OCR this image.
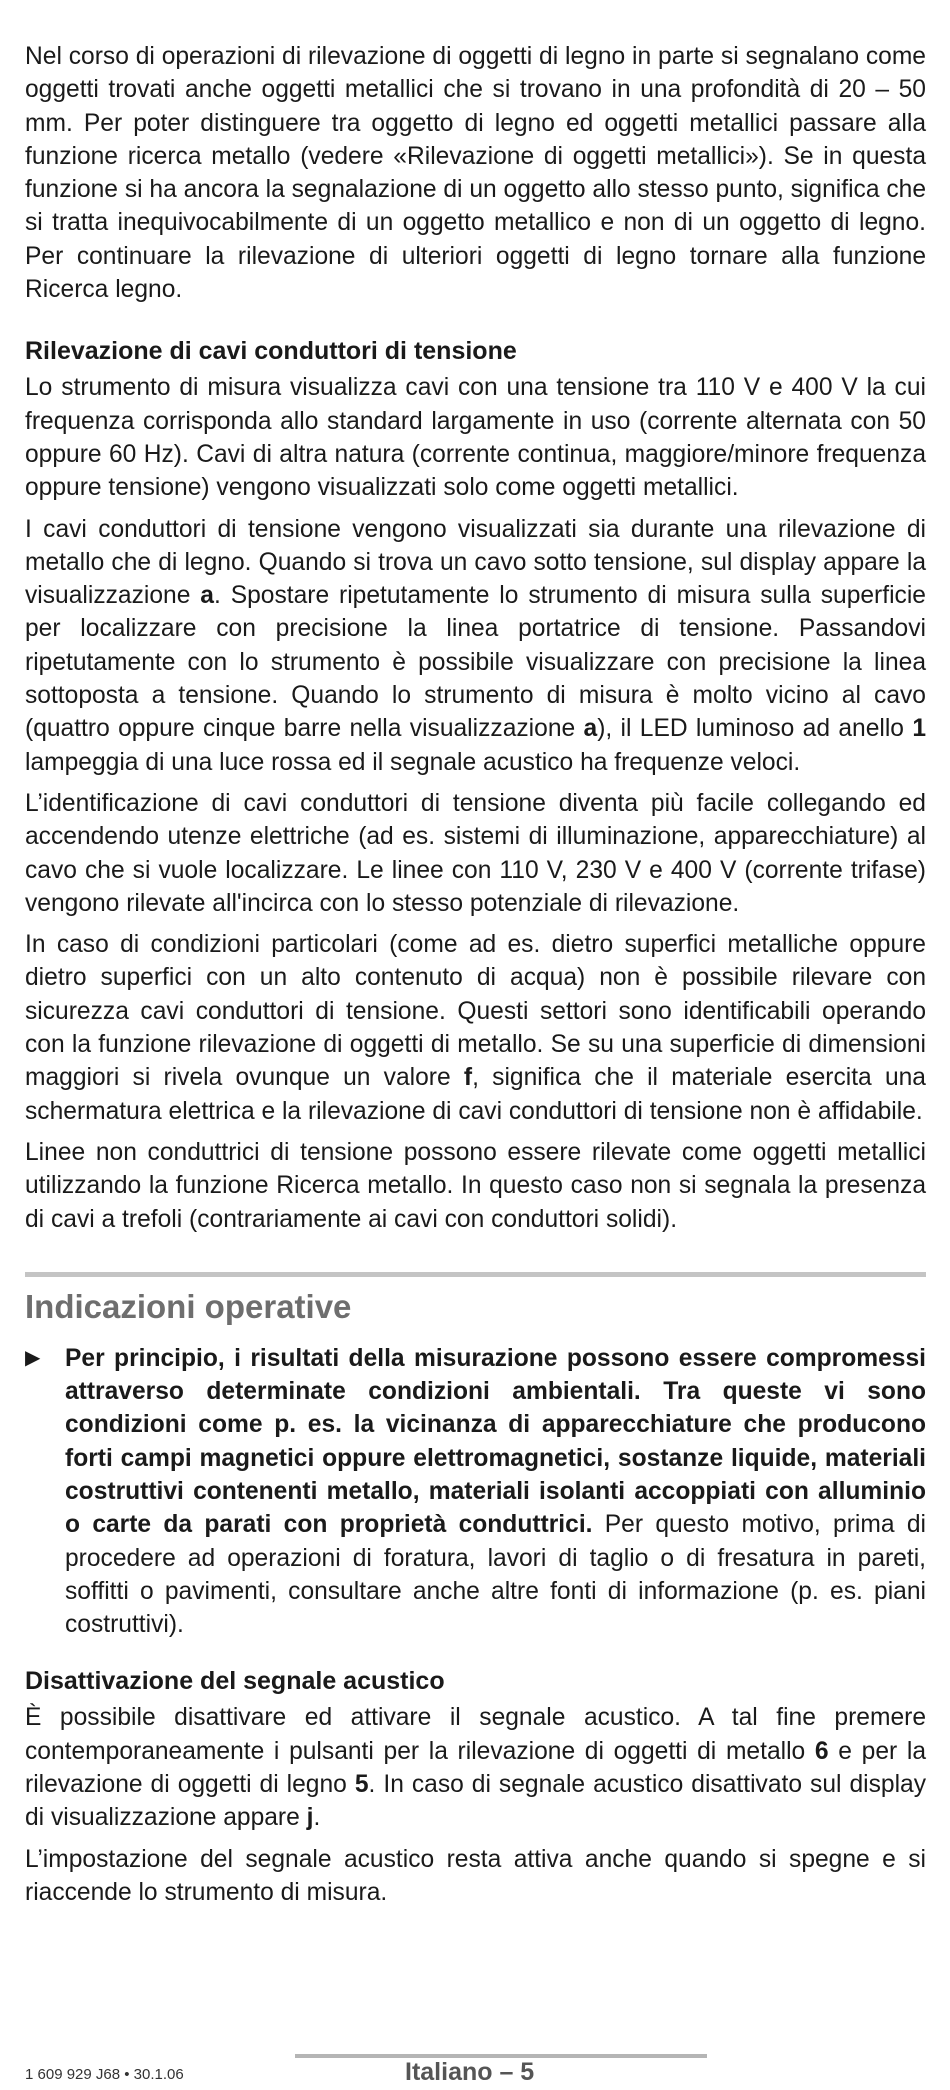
Nel corso di operazioni di rilevazione di oggetti di legno in parte si segnalano come oggetti trovati anche oggetti metallici che si trovano in una profondità di 20 – 50 mm. Per poter distinguere tra oggetto di legno ed oggetti metallici passare alla funzione ricerca metallo (vedere «Rilevazione di oggetti metallici»). Se in questa funzione si ha ancora la segnalazione di un oggetto allo stesso punto, significa che si tratta inequivocabilmente di un oggetto metallico e non di un oggetto di legno. Per continuare la rilevazione di ulteriori oggetti di legno tornare alla funzione Ricerca legno.

Rilevazione di cavi conduttori di tensione

Lo strumento di misura visualizza cavi con una tensione tra 110 V e 400 V la cui frequenza corrisponda allo standard largamente in uso (corrente alternata con 50 oppure 60 Hz). Cavi di altra natura (corrente continua, maggiore/minore frequenza oppure tensione) vengono visualizzati solo come oggetti metallici.

I cavi conduttori di tensione vengono visualizzati sia durante una rilevazione di metallo che di legno. Quando si trova un cavo sotto tensione, sul display appare la visualizzazione a. Spostare ripetutamente lo strumento di misura sulla superficie per localizzare con precisione la linea portatrice di tensione. Passandovi ripetutamente con lo strumento è possibile visualizzare con precisione la linea sottoposta a tensione. Quando lo strumento di misura è molto vicino al cavo (quattro oppure cinque barre nella visualizzazione a), il LED luminoso ad anello 1 lampeggia di una luce rossa ed il segnale acustico ha frequenze veloci.

L’identificazione di cavi conduttori di tensione diventa più facile collegando ed accendendo utenze elettriche (ad es. sistemi di illuminazione, apparecchiature) al cavo che si vuole localizzare. Le linee con 110 V, 230 V e 400 V (corrente trifase) vengono rilevate all'incirca con lo stesso potenziale di rilevazione.

In caso di condizioni particolari (come ad es. dietro superfici metalliche oppure dietro superfici con un alto contenuto di acqua) non è possibile rilevare con sicurezza cavi conduttori di tensione. Questi settori sono identificabili operando con la funzione rilevazione di oggetti di metallo. Se su una superficie di dimensioni maggiori si rivela ovunque un valore f, significa che il materiale esercita una schermatura elettrica e la rilevazione di cavi conduttori di tensione non è affidabile.

Linee non conduttrici di tensione possono essere rilevate come oggetti metallici utilizzando la funzione Ricerca metallo. In questo caso non si segnala la presenza di cavi a trefoli (contrariamente ai cavi con conduttori solidi).

Indicazioni operative
▶	Per principio, i risultati della misurazione possono essere compromessi attraverso determinate condizioni ambientali. Tra queste vi sono condizioni come p. es. la vicinanza di apparecchiature che producono forti campi magnetici oppure elettromagnetici, sostanze liquide, materiali costruttivi contenenti metallo, materiali isolanti accoppiati con alluminio o carte da parati con proprietà conduttrici. Per questo motivo, prima di procedere ad operazioni di foratura, lavori di taglio o di fresatura in pareti, soffitti o pavimenti, consultare anche altre fonti di informazione (p. es. piani costruttivi).

Disattivazione del segnale acustico

È possibile disattivare ed attivare il segnale acustico. A tal fine premere contemporaneamente i pulsanti per la rilevazione di oggetti di metallo 6 e per la rilevazione di oggetti di legno 5. In caso di segnale acustico disattivato sul display di visualizzazione appare j.

L’impostazione del segnale acustico resta attiva anche quando si spegne e si riaccende lo strumento di misura.

1 609 929 J68 • 30.1.06	Italiano – 5
